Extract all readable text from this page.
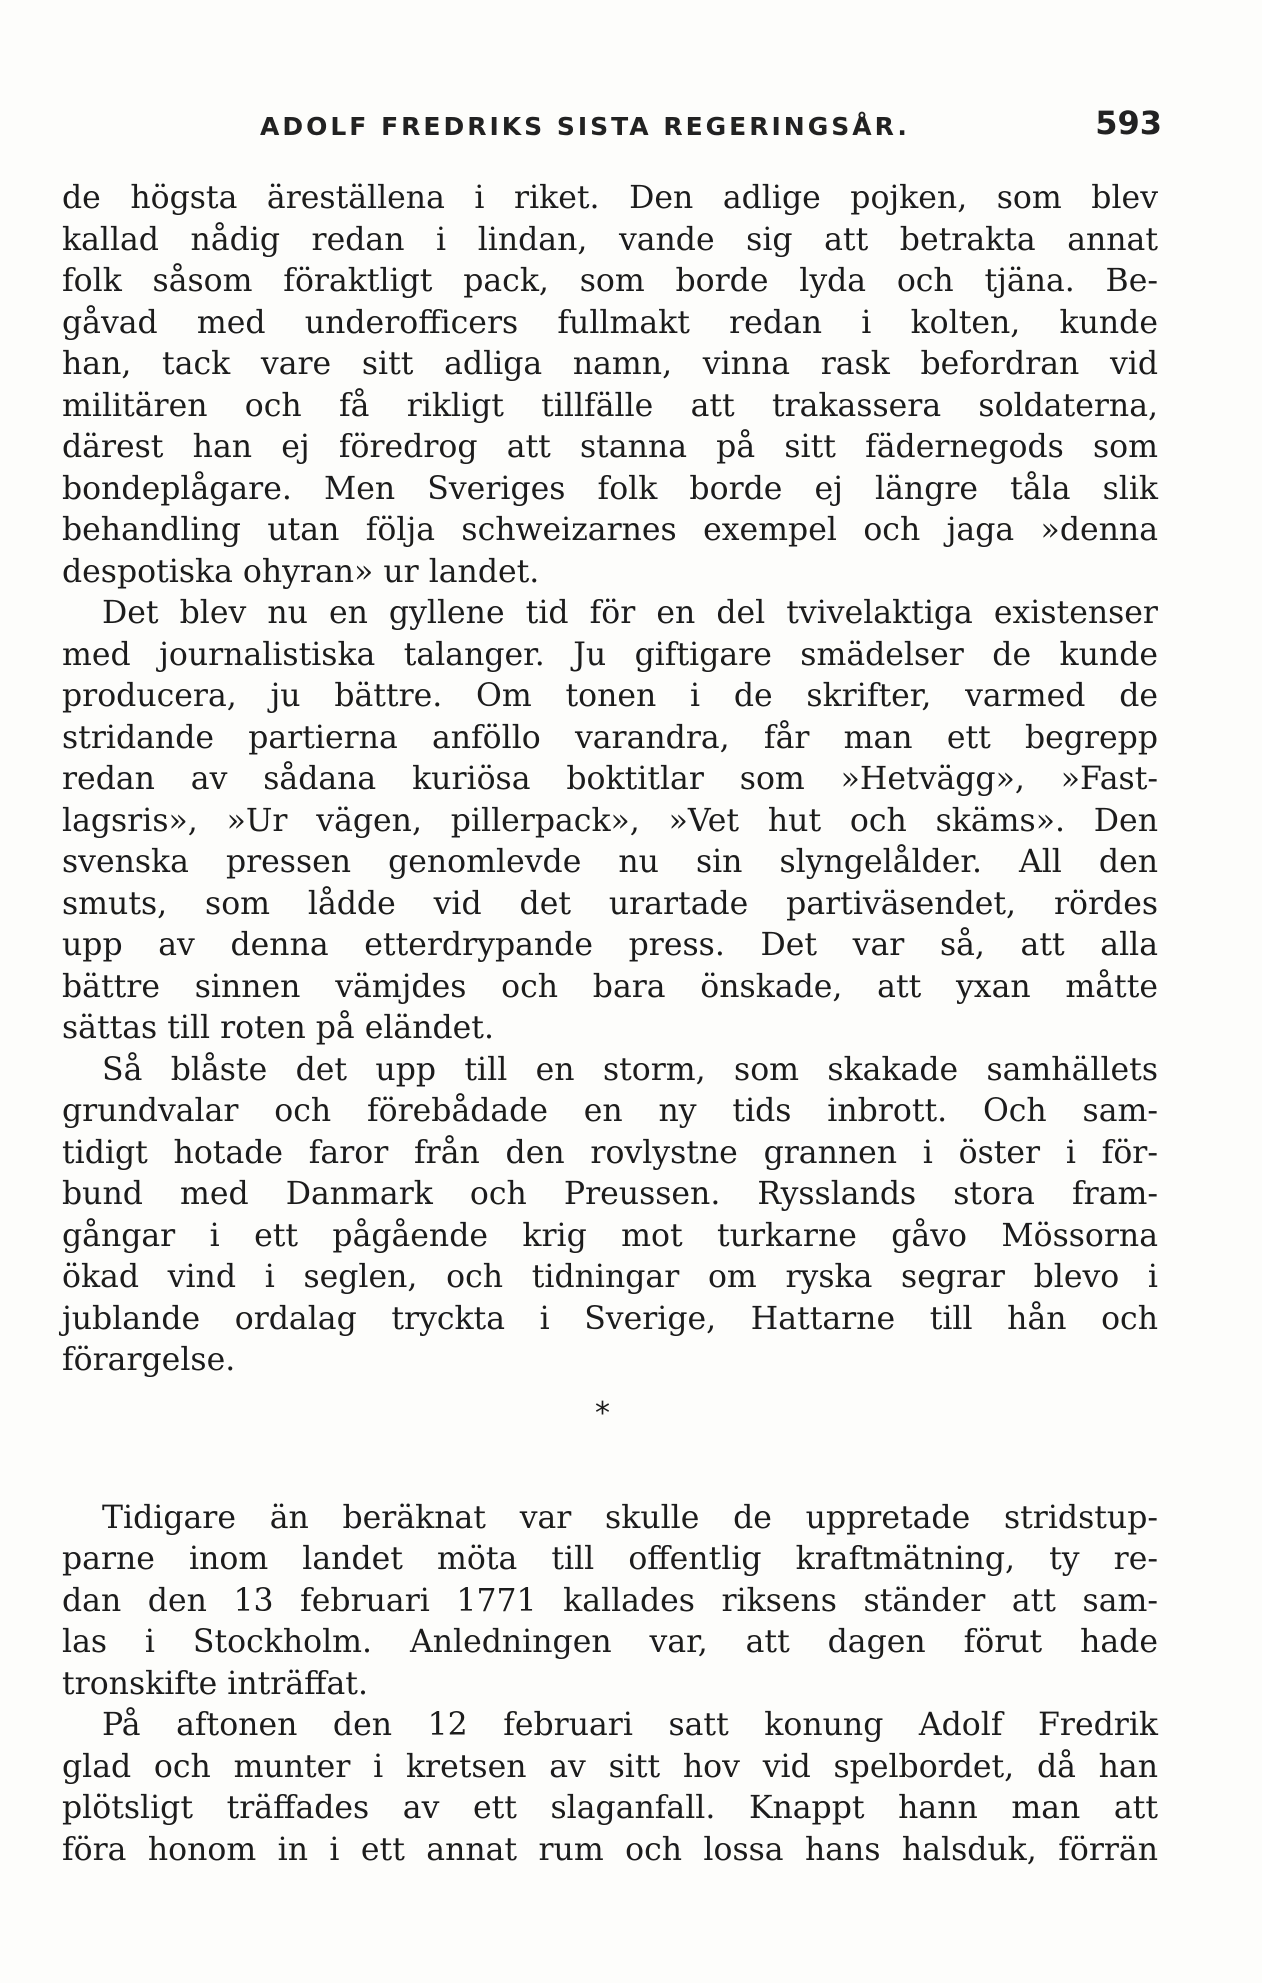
ADOLF FREDRIKS SISTA REGERINGSÅR.	593
de högsta äreställena i riket. Den adlige pojken, som blev
kallad nådig redan i lindan, vande sig att betrakta annat
folk såsom föraktligt pack, som borde lyda och tjäna. Be-
gåvad med underofficers fullmakt redan i kolten, kunde
han, tack vare sitt adliga namn, vinna rask befordran vid
militären och få rikligt tillfälle att trakassera soldaterna,
därest han ej föredrog att stanna på sitt fädernegods som
bondeplågare. Men Sveriges folk borde ej längre tåla slik
behandling utan följa schweizarnes exempel och jaga »denna
despotiska ohyran» ur landet.
Det blev nu en gyllene tid för en del tvivelaktiga existenser
med journalistiska talanger. Ju giftigare smädelser de kunde
producera, ju bättre. Om tonen i de skrifter, varmed de
stridande partierna anföllo varandra, får man ett begrepp
redan av sådana kuriösa boktitlar som »Hetvägg», »Fast-
lagsris», »Ur vägen, pillerpack», »Vet hut och skäms». Den
svenska pressen genomlevde nu sin slyngelålder. All den
smuts, som lådde vid det urartade partiväsendet, rördes
upp av denna etterdrypande press. Det var så, att alla
bättre sinnen vämjdes och bara önskade, att yxan måtte
sättas till roten på eländet.
Så blåste det upp till en storm, som skakade samhällets
grundvalar och förebådade en ny tids inbrott. Och sam-
tidigt hotade faror från den rovlystne grannen i öster i för-
bund med Danmark och Preussen. Rysslands stora fram-
gångar i ett pågående krig mot turkarne gåvo Mössorna
ökad vind i seglen, och tidningar om ryska segrar blevo i
jublande ordalag tryckta i Sverige, Hattarne till hån och
förargelse.
*
Tidigare än beräknat var skulle de uppretade stridstup-
parne inom landet möta till offentlig kraftmätning, ty re-
dan den 13 februari 1771 kallades riksens ständer att sam-
las i Stockholm. Anledningen var, att dagen förut hade
tronskifte inträffat.
På aftonen den 12 februari satt konung Adolf Fredrik
glad och munter i kretsen av sitt hov vid spelbordet, då han
plötsligt träffades av ett slaganfall. Knappt hann man att
föra honom in i ett annat rum och lossa hans halsduk, förrän
